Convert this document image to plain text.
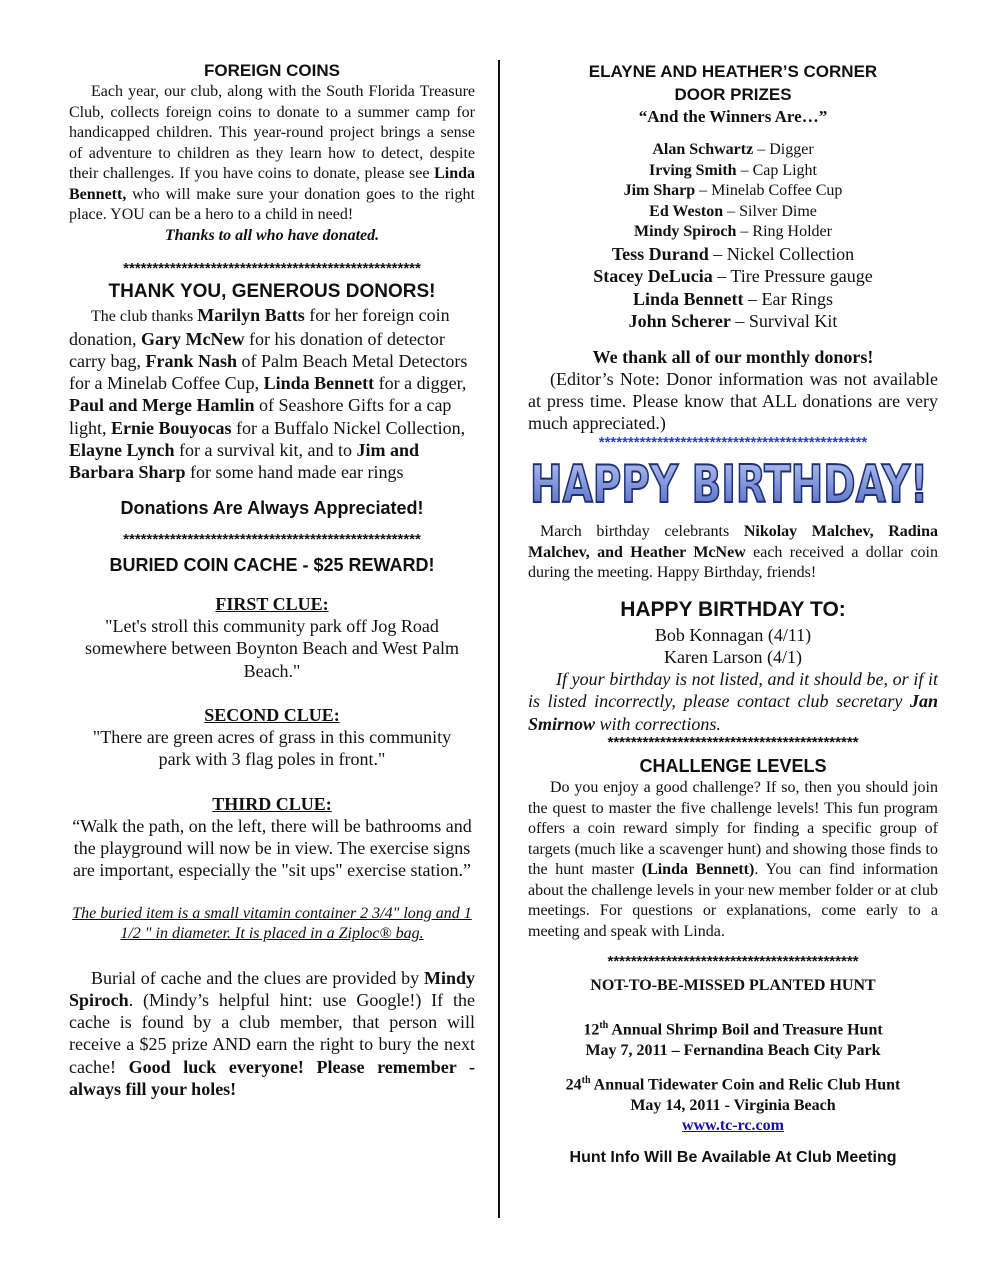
FOREIGN COINS

Each year, our club, along with the South Florida Treasure Club, collects foreign coins to donate to a summer camp for handicapped children. This year-round project brings a sense of adventure to children as they learn how to detect, despite their challenges. If you have coins to donate, please see Linda Bennett, who will make sure your donation goes to the right place. YOU can be a hero to a child in need!

Thanks to all who have donated.

***************************************************

THANK YOU, GENEROUS DONORS!

The club thanks Marilyn Batts for her foreign coin donation, Gary McNew for his donation of detector carry bag, Frank Nash of Palm Beach Metal Detectors for a Minelab Coffee Cup, Linda Bennett for a digger, Paul and Merge Hamlin of Seashore Gifts for a cap light, Ernie Bouyocas for a Buffalo Nickel Collection, Elayne Lynch for a survival kit, and to Jim and Barbara Sharp for some hand made ear rings

Donations Are Always Appreciated!

***************************************************

BURIED COIN CACHE - $25 REWARD!

FIRST CLUE:

"Let's stroll this community park off Jog Road somewhere between Boynton Beach and West Palm Beach."

SECOND CLUE:

"There are green acres of grass in this community park with 3 flag poles in front."

THIRD CLUE:

“Walk the path, on the left, there will be bathrooms and the playground will now be in view. The exercise signs are important, especially the "sit ups" exercise station.”

The buried item is a small vitamin container 2 3/4" long and 1 1/2 " in diameter. It is placed in a Ziploc® bag.

Burial of cache and the clues are provided by Mindy Spiroch. (Mindy’s helpful hint: use Google!) If the cache is found by a club member, that person will receive a $25 prize AND earn the right to bury the next cache! Good luck everyone! Please remember - always fill your holes!

ELAYNE AND HEATHER’S CORNER
DOOR PRIZES

“And the Winners Are…”

Alan Schwartz – Digger

Irving Smith – Cap Light

Jim Sharp – Minelab Coffee Cup

Ed Weston – Silver Dime

Mindy Spiroch – Ring Holder

Tess Durand – Nickel Collection

Stacey DeLucia – Tire Pressure gauge

Linda Bennett – Ear Rings

John Scherer – Survival Kit

We thank all of our monthly donors!

(Editor’s Note: Donor information was not available at press time. Please know that ALL donations are very much appreciated.)

**********************************************

HAPPY BIRTHDAY!

March birthday celebrants Nikolay Malchev, Radina Malchev, and Heather McNew each received a dollar coin during the meeting. Happy Birthday, friends!

HAPPY BIRTHDAY TO:

Bob Konnagan (4/11)

Karen Larson (4/1)

If your birthday is not listed, and it should be, or if it is listed incorrectly, please contact club secretary Jan Smirnow with corrections.

*******************************************

CHALLENGE LEVELS

Do you enjoy a good challenge? If so, then you should join the quest to master the five challenge levels! This fun program offers a coin reward simply for finding a specific group of targets (much like a scavenger hunt) and showing those finds to the hunt master (Linda Bennett). You can find information about the challenge levels in your new member folder or at club meetings. For questions or explanations, come early to a meeting and speak with Linda.

*******************************************

NOT-TO-BE-MISSED PLANTED HUNT

12th Annual Shrimp Boil and Treasure Hunt

May 7, 2011 – Fernandina Beach City Park

24th Annual Tidewater Coin and Relic Club Hunt

May 14, 2011 - Virginia Beach

www.tc-rc.com

Hunt Info Will Be Available At Club Meeting
